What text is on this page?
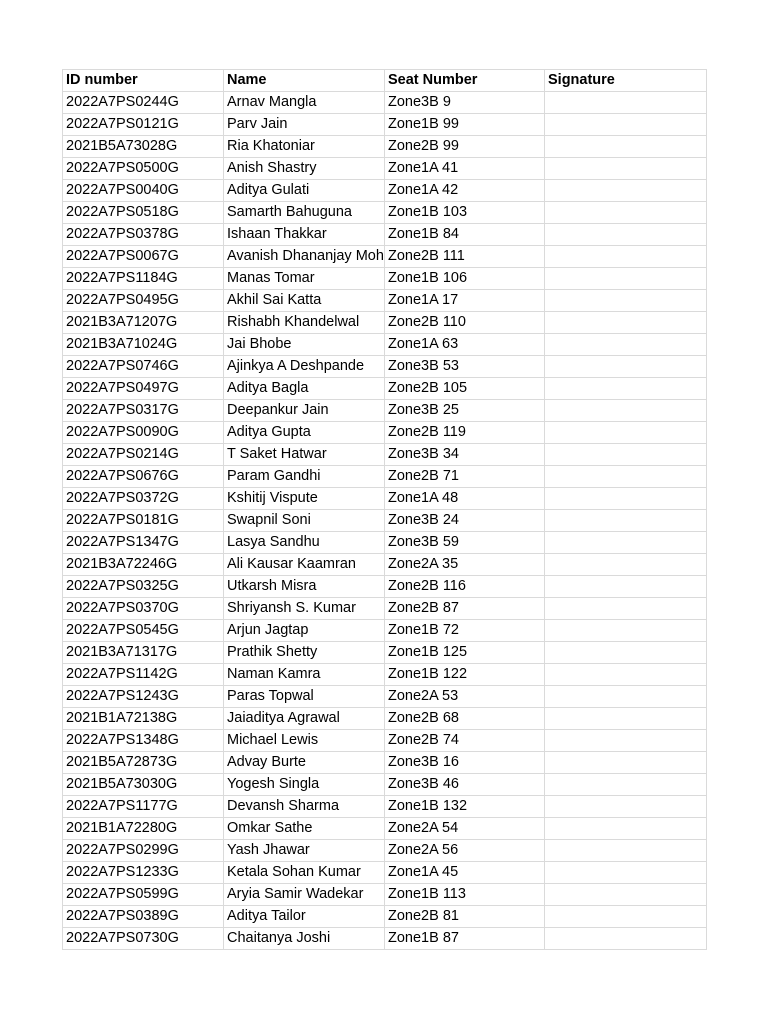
ID number	Name	Seat Number	Signature
2022A7PS0244G	Arnav Mangla	Zone3B 9	
2022A7PS0121G	Parv Jain	Zone1B 99	
2021B5A73028G	Ria Khatoniar	Zone2B 99	
2022A7PS0500G	Anish Shastry	Zone1A 41	
2022A7PS0040G	Aditya Gulati	Zone1A 42	
2022A7PS0518G	Samarth Bahuguna	Zone1B 103	
2022A7PS0378G	Ishaan Thakkar	Zone1B 84	
2022A7PS0067G	Avanish Dhananjay Moh	Zone2B 111	
2022A7PS1184G	Manas Tomar	Zone1B 106	
2022A7PS0495G	Akhil Sai Katta	Zone1A 17	
2021B3A71207G	Rishabh Khandelwal	Zone2B 110	
2021B3A71024G	Jai Bhobe	Zone1A 63	
2022A7PS0746G	Ajinkya A Deshpande	Zone3B 53	
2022A7PS0497G	Aditya Bagla	Zone2B 105	
2022A7PS0317G	Deepankur Jain	Zone3B 25	
2022A7PS0090G	Aditya Gupta	Zone2B 119	
2022A7PS0214G	T Saket Hatwar	Zone3B 34	
2022A7PS0676G	Param Gandhi	Zone2B 71	
2022A7PS0372G	Kshitij Vispute	Zone1A 48	
2022A7PS0181G	Swapnil Soni	Zone3B 24	
2022A7PS1347G	Lasya Sandhu	Zone3B 59	
2021B3A72246G	Ali Kausar Kaamran	Zone2A 35	
2022A7PS0325G	Utkarsh Misra	Zone2B 116	
2022A7PS0370G	Shriyansh S. Kumar	Zone2B 87	
2022A7PS0545G	Arjun Jagtap	Zone1B 72	
2021B3A71317G	Prathik Shetty	Zone1B 125	
2022A7PS1142G	Naman Kamra	Zone1B 122	
2022A7PS1243G	Paras Topwal	Zone2A 53	
2021B1A72138G	Jaiaditya Agrawal	Zone2B 68	
2022A7PS1348G	Michael Lewis	Zone2B 74	
2021B5A72873G	Advay Burte	Zone3B 16	
2021B5A73030G	Yogesh Singla	Zone3B 46	
2022A7PS1177G	Devansh Sharma	Zone1B 132	
2021B1A72280G	Omkar Sathe	Zone2A 54	
2022A7PS0299G	Yash Jhawar	Zone2A 56	
2022A7PS1233G	Ketala Sohan Kumar	Zone1A 45	
2022A7PS0599G	Aryia Samir Wadekar	Zone1B 113	
2022A7PS0389G	Aditya Tailor	Zone2B 81	
2022A7PS0730G	Chaitanya Joshi	Zone1B 87	
